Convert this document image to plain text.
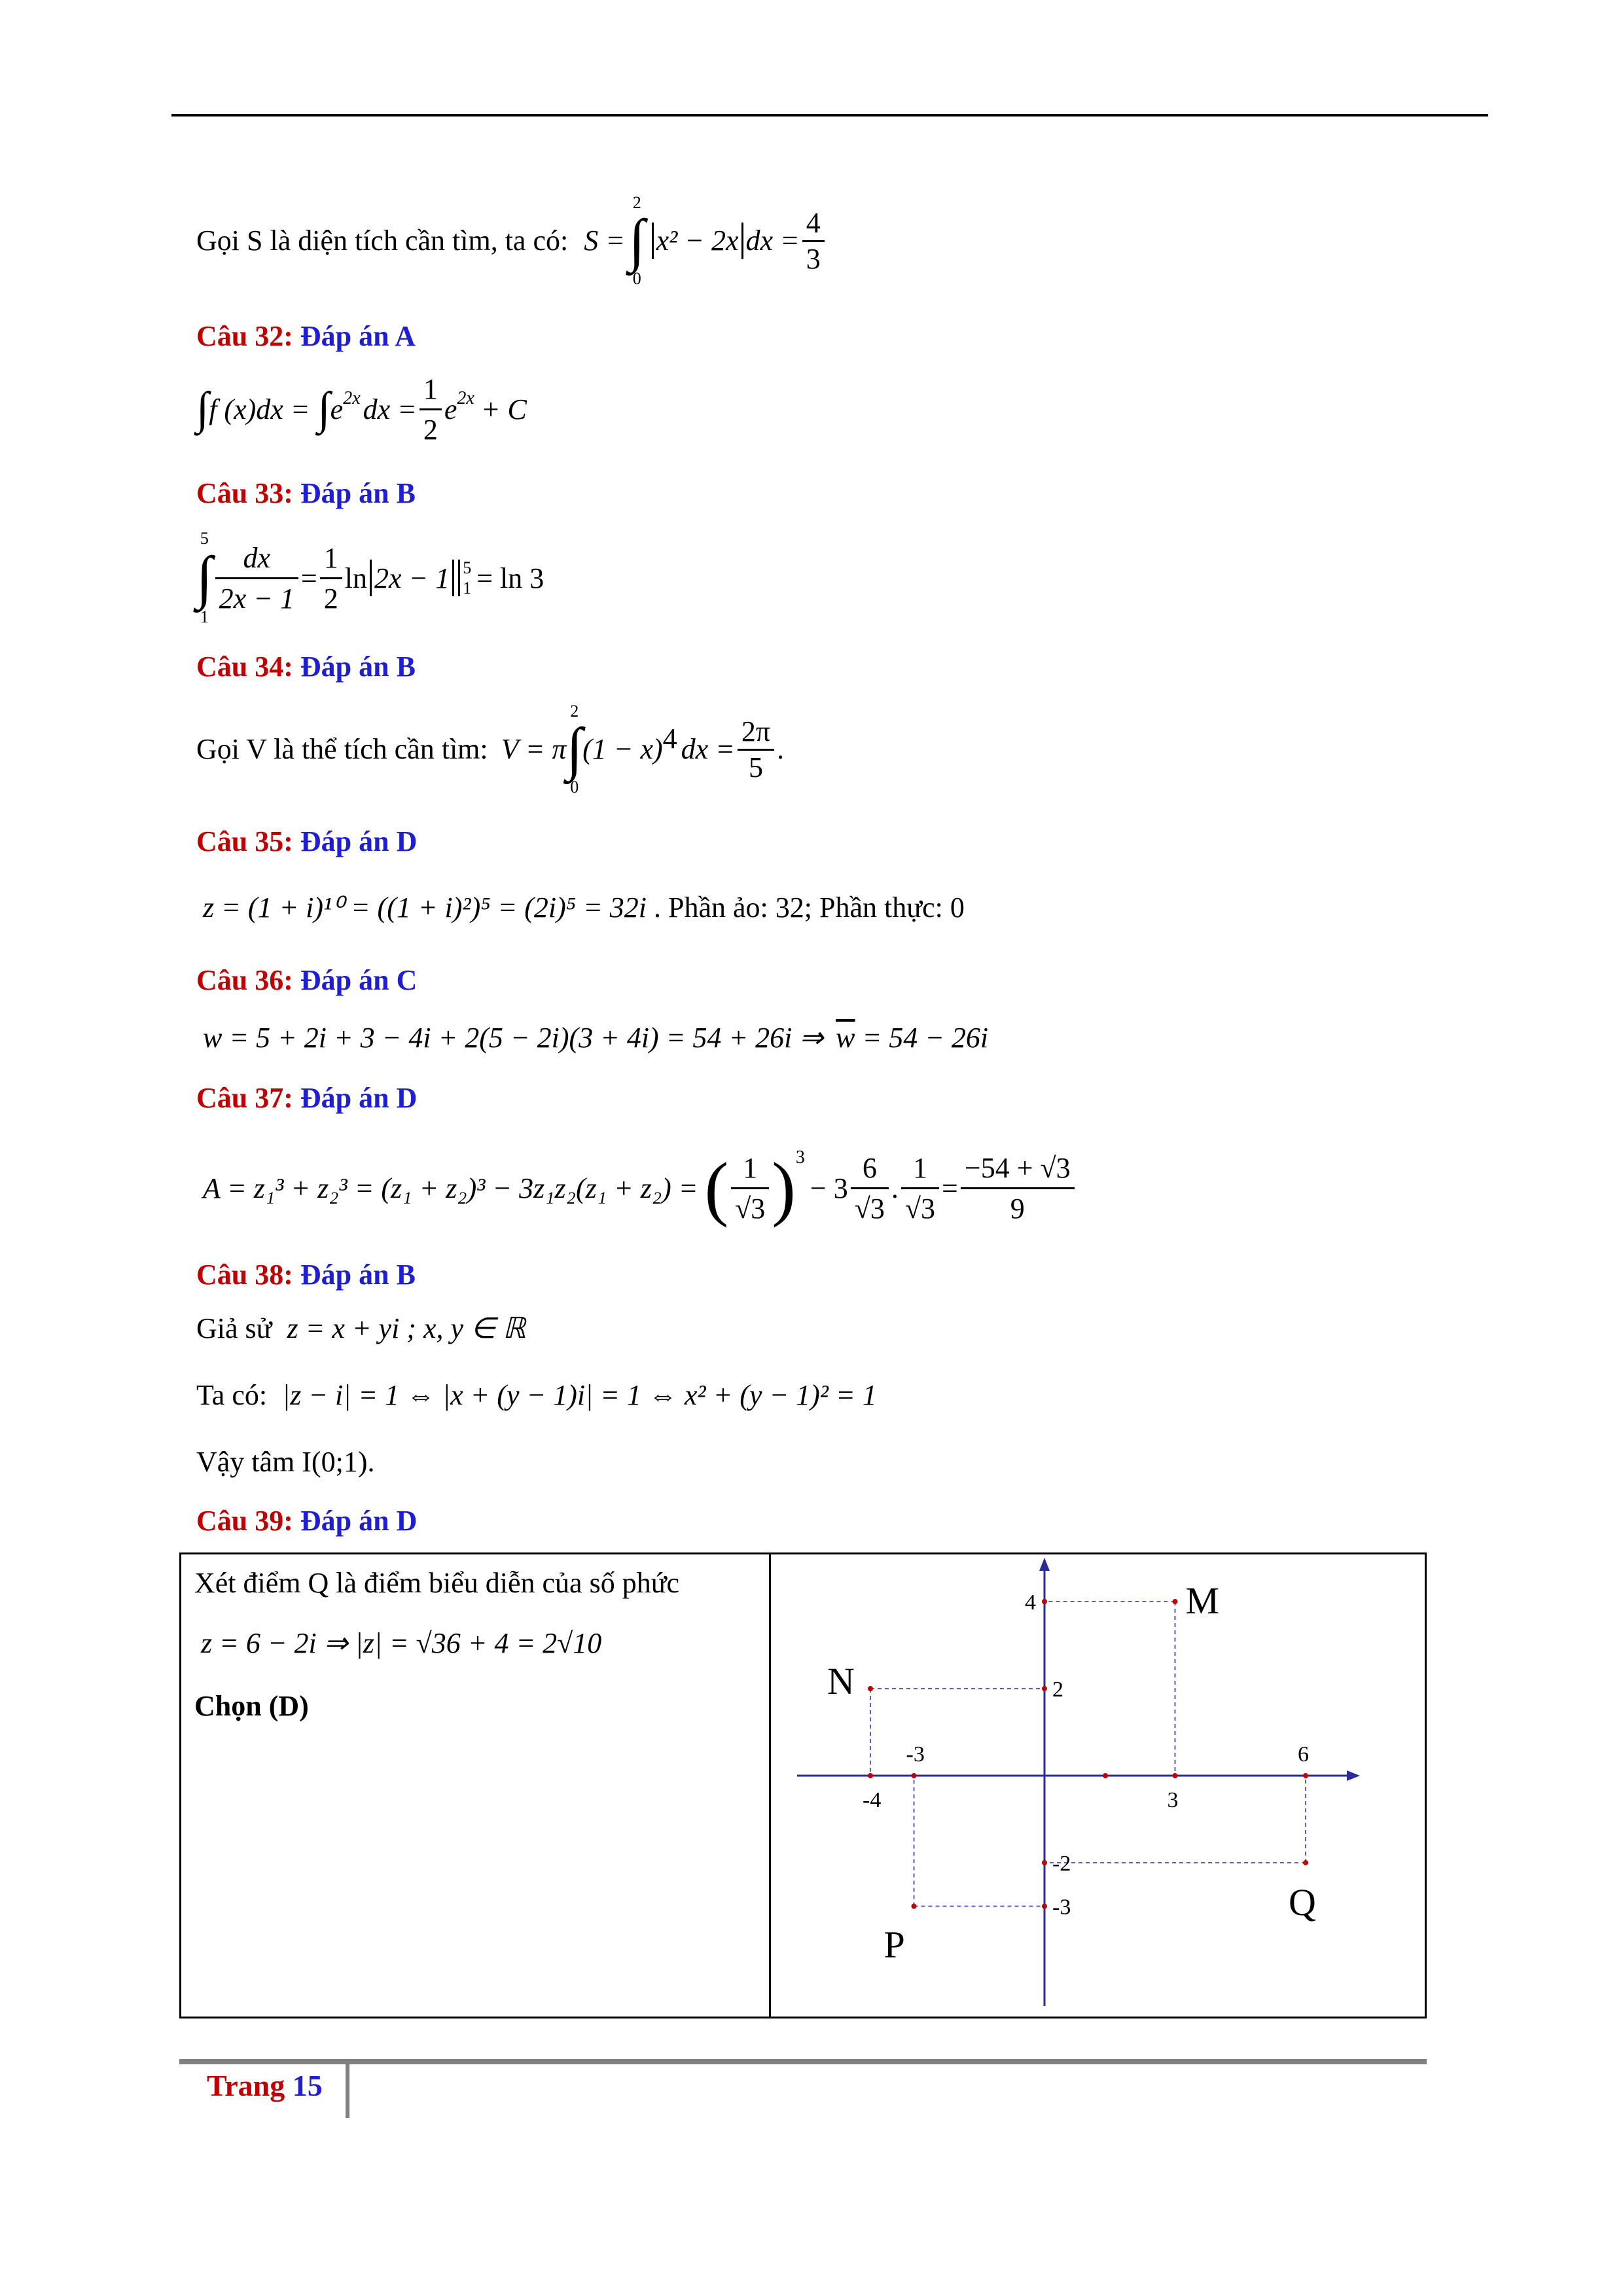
Gọi S là diện tích cần tìm, ta có: S =
2
∫
0
x² − 2x dx = $\frac{4}{3}$
Câu 32: Đáp án A
∫ f (x)dx = ∫ $e^{2x}$ dx = $\frac{1}{2} e^{2x} + C$
Câu 33: Đáp án B
5
∫
1
$\frac{dx}{2x - 1} = \frac{1}{2}$ ln 2x − 1 5
1 = ln 3
Câu 34: Đáp án B
Gọi V là thể tích cần tìm: V = π
2
∫
0
$(1 - x)^4$ dx = $\frac{2\pi}{5}$ .
Câu 35: Đáp án D
z = (1 + i)¹⁰ = ((1 + i)²)⁵ = (2i)⁵ = 32i . Phần ảo: 32; Phần thực: 0
Câu 36: Đáp án C
w = 5 + 2i + 3 − 4i + 2(5 − 2i)(3 + 4i) = 54 + 26i ⇒ $\overline{w} = 54 - 26i$
Câu 37: Đáp án D
A = z₁³ + z₂³ = (z₁ + z₂)³ − 3z₁z₂(z₁ + z₂) = ( $\frac{1}{√3} )^3$
− $3 \frac{6}{√3}$ . $\frac{1}{√3} = \frac{-54 + √3}{9}$
Câu 38: Đáp án B
Giả sử z = x + yi ; x, y ∈ ℝ
Ta có: |z − i| = 1 ⇔ |x + (y − 1)i| = 1 ⇔ x² + (y − 1)² = 1
Vậy tâm I(0;1).
Câu 39: Đáp án D
Xét điểm Q là điểm biểu diễn của số phức
z = 6 − 2i ⇒ |z| = √36 + 4 = 2√10
Chọn (D)
M
N
P
Q
-4
-3
3
6
4
2
-2
-3
Trang 15
